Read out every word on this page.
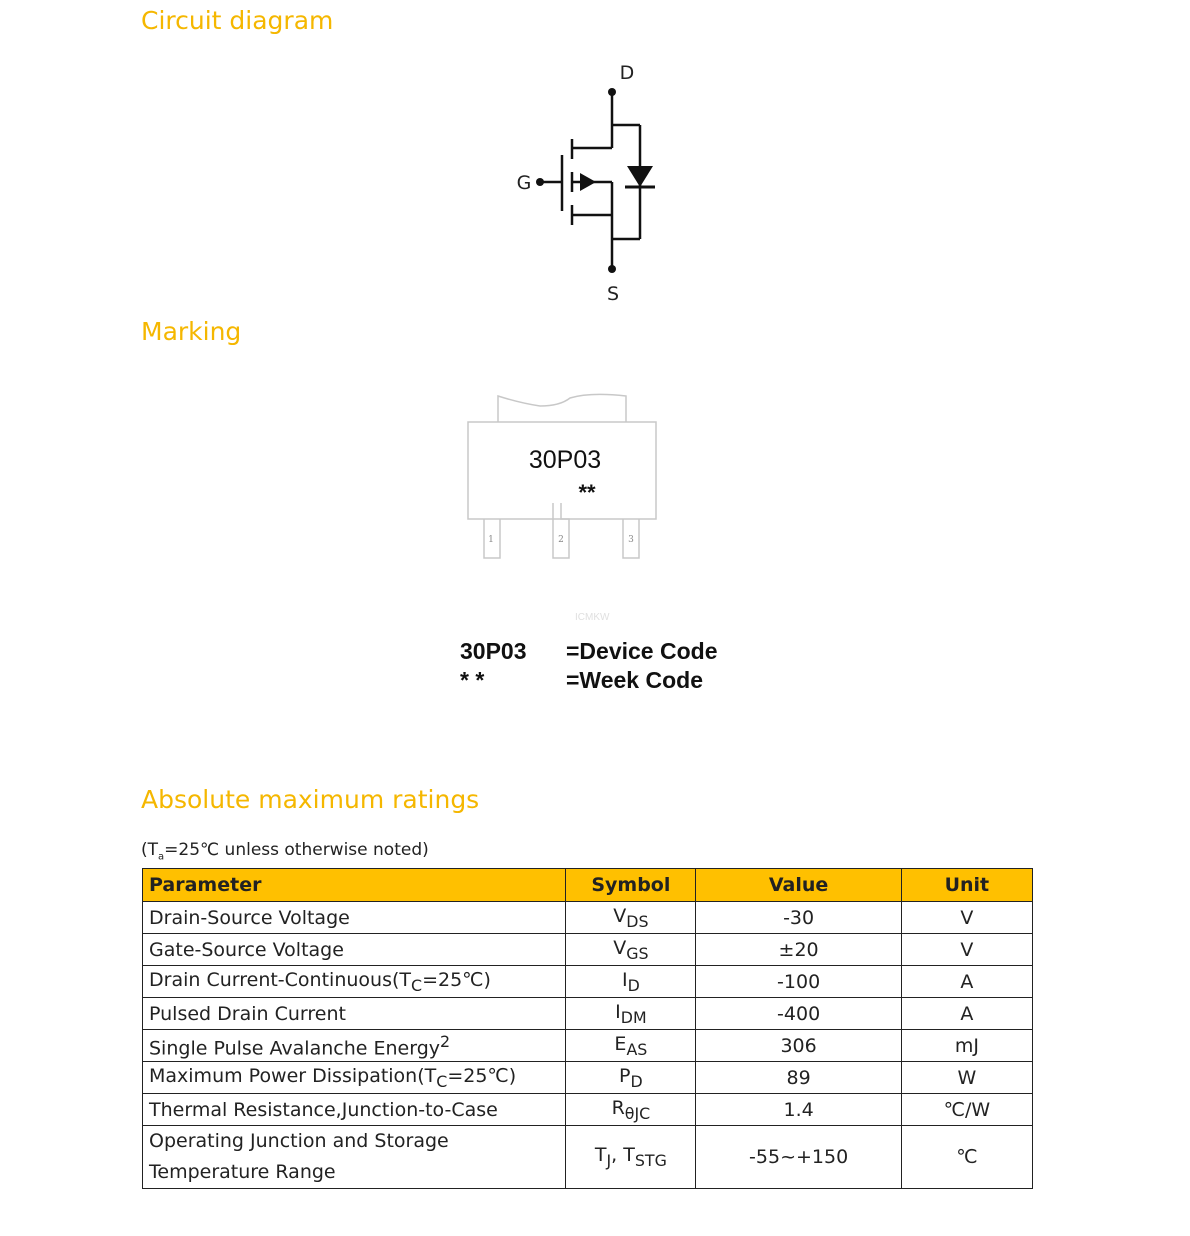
Circuit diagram
D
G
S
Marking
30P03
**
1	2	3
ICMKW
30P03	=Device Code
* *	=Week Code
Absolute maximum ratings
($T_a=25℃$ unless otherwise noted)
Parameter	Symbol	Value	Unit
Drain-Source Voltage	$V_{DS}$	-30	V
Gate-Source Voltage	$V_{GS}$	±20	V
Drain Current-$Continuous(T_C=25℃)$	$I_D$	-100	A
Pulsed Drain Current	$I_{DM}$	-400	A
Single Pulse Avalanche Energy$^2$	$E_{AS}$	306	mJ
Maximum Power $Dissipation(T_C=25℃)$	$P_D$	89	W
Thermal Resistance,Junction-to-Case	$R_{\theta JC}$	1.4	℃/W
Operating Junction and Storage
Temperature Range	$T_J$, $T_{STG}$	-55~+150	℃
